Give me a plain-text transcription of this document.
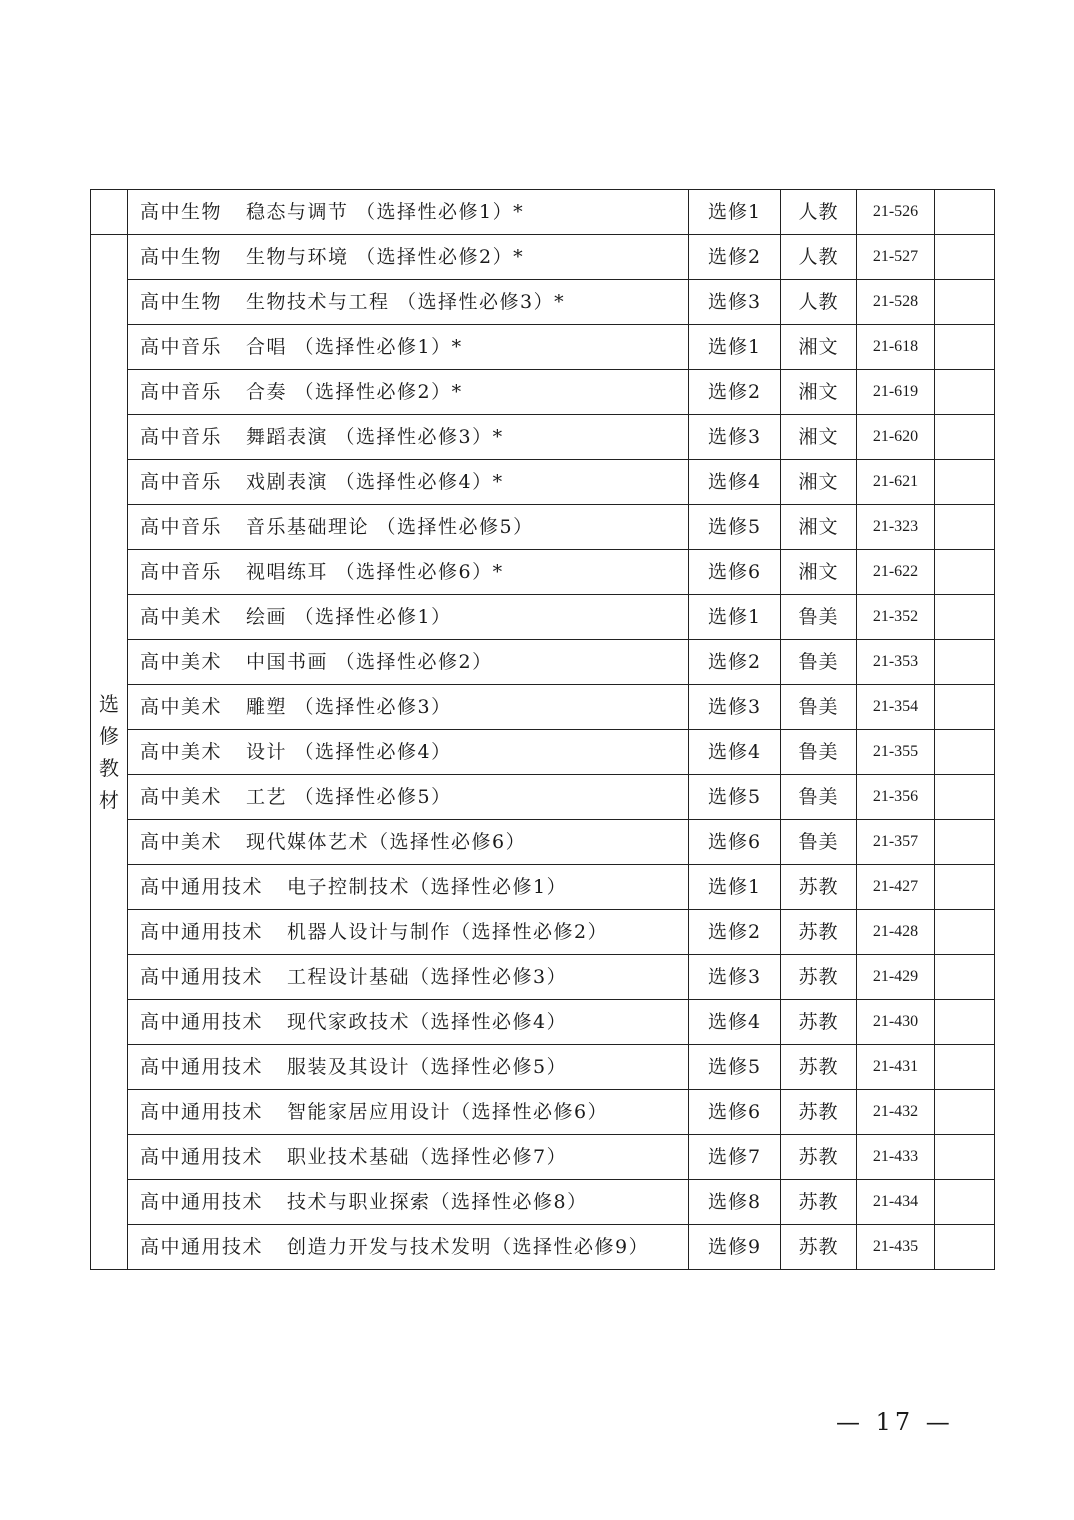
	高中生物 稳态与调节 （选择性必修1）*	选修1	人教	21-526	
选修教材	高中生物 生物与环境 （选择性必修2）*	选修2	人教	21-527	
	高中生物 生物技术与工程 （选择性必修3）*	选修3	人教	21-528	
	高中音乐 合唱 （选择性必修1）*	选修1	湘文	21-618	
	高中音乐 合奏 （选择性必修2）*	选修2	湘文	21-619	
	高中音乐 舞蹈表演 （选择性必修3）*	选修3	湘文	21-620	
	高中音乐 戏剧表演 （选择性必修4）*	选修4	湘文	21-621	
	高中音乐 音乐基础理论 （选择性必修5）	选修5	湘文	21-323	
	高中音乐 视唱练耳 （选择性必修6）*	选修6	湘文	21-622	
	高中美术 绘画 （选择性必修1）	选修1	鲁美	21-352	
	高中美术 中国书画 （选择性必修2）	选修2	鲁美	21-353	
	高中美术 雕塑 （选择性必修3）	选修3	鲁美	21-354	
	高中美术 设计 （选择性必修4）	选修4	鲁美	21-355	
	高中美术 工艺 （选择性必修5）	选修5	鲁美	21-356	
	高中美术 现代媒体艺术（选择性必修6）	选修6	鲁美	21-357	
	高中通用技术 电子控制技术（选择性必修1）	选修1	苏教	21-427	
	高中通用技术 机器人设计与制作（选择性必修2）	选修2	苏教	21-428	
	高中通用技术 工程设计基础（选择性必修3）	选修3	苏教	21-429	
	高中通用技术 现代家政技术（选择性必修4）	选修4	苏教	21-430	
	高中通用技术 服装及其设计（选择性必修5）	选修5	苏教	21-431	
	高中通用技术 智能家居应用设计（选择性必修6）	选修6	苏教	21-432	
	高中通用技术 职业技术基础（选择性必修7）	选修7	苏教	21-433	
	高中通用技术 技术与职业探索（选择性必修8）	选修8	苏教	21-434	
	高中通用技术 创造力开发与技术发明（选择性必修9）	选修9	苏教	21-435	
— 17 —
